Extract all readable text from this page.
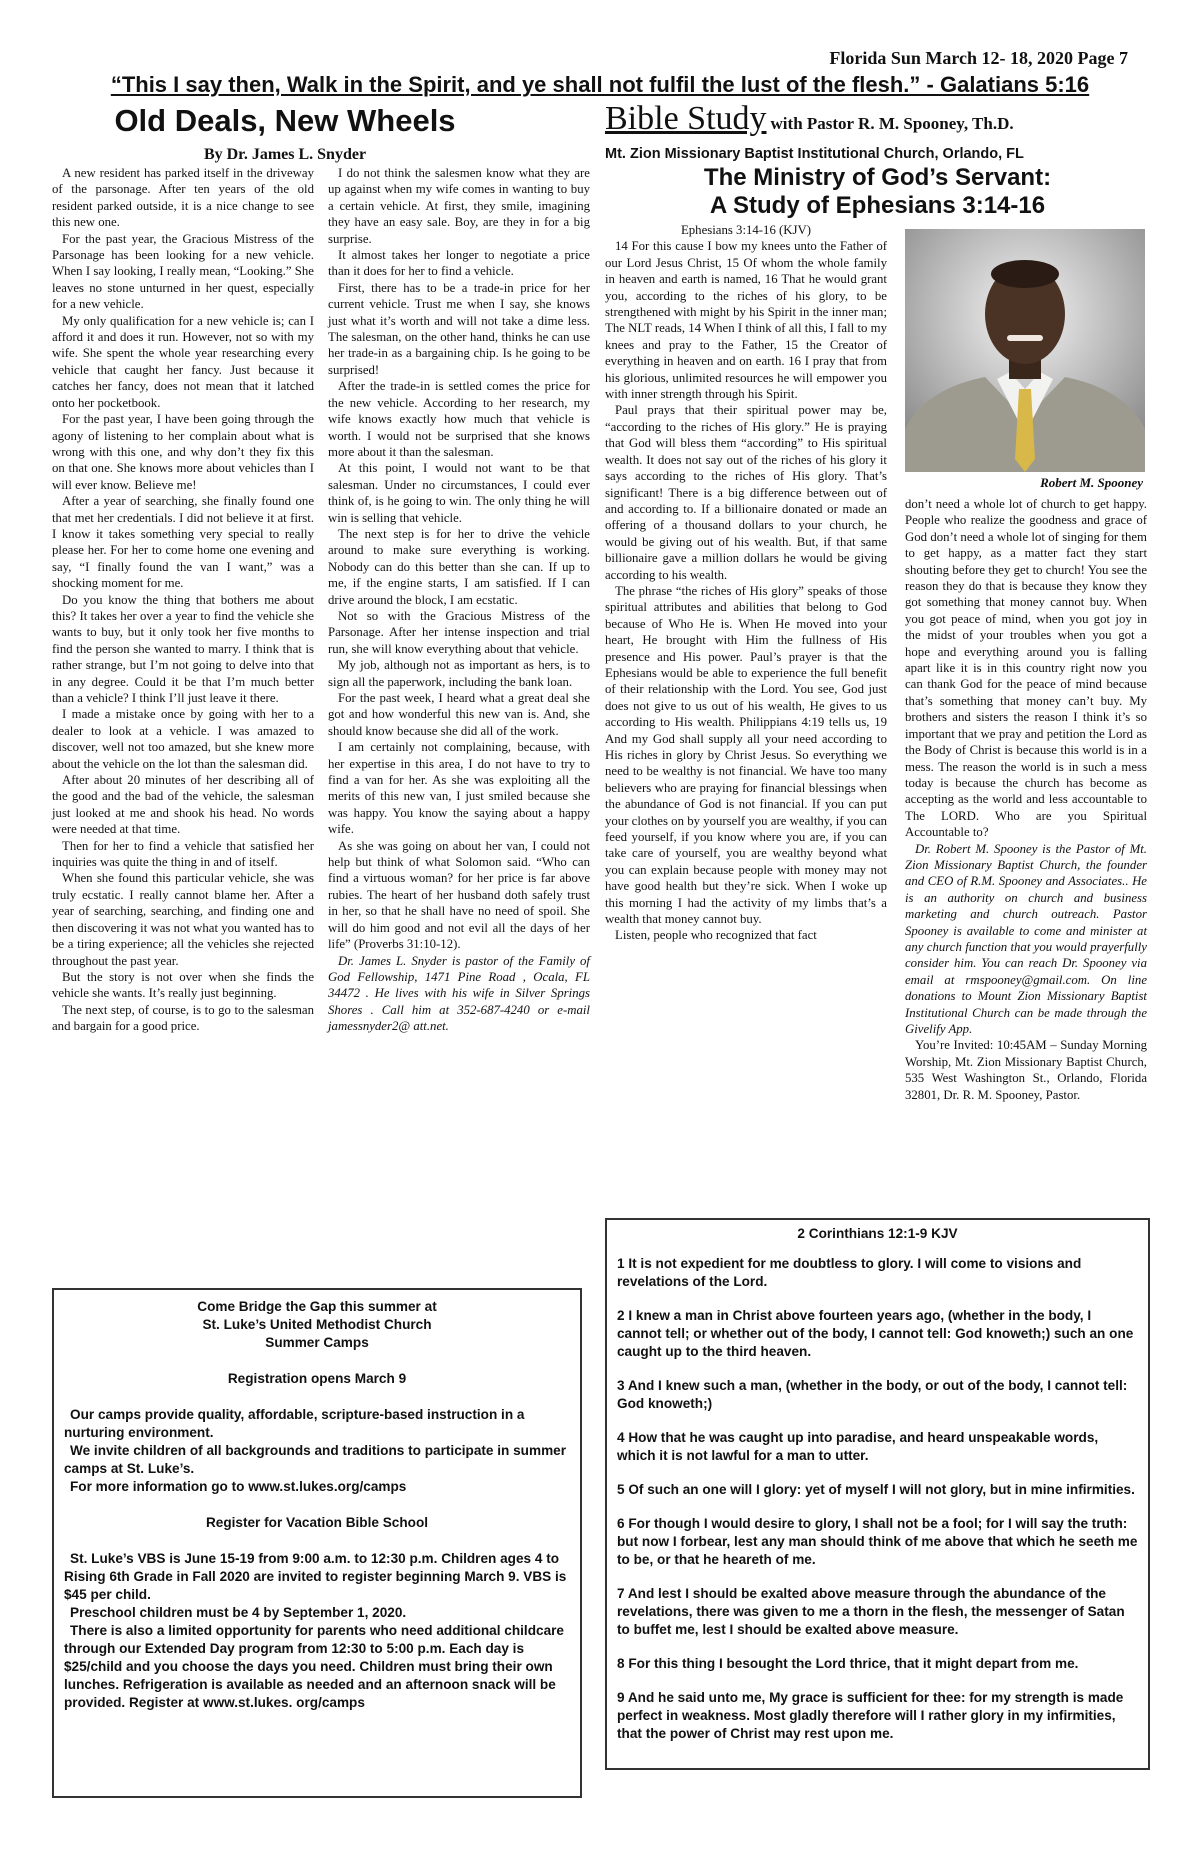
Florida Sun March 12- 18, 2020 Page 7
“This I say then, Walk in the Spirit, and ye shall not fulfil the lust of the flesh.” - Galatians 5:16
Old Deals, New Wheels
By Dr. James L. Snyder

A new resident has parked itself in the driveway of the parsonage. After ten years of the old resident parked outside, it is a nice change to see this new one.

For the past year, the Gracious Mistress of the Parsonage has been looking for a new vehicle. When I say looking, I really mean, “Looking.” She leaves no stone unturned in her quest, especially for a new vehicle.

My only qualification for a new vehicle is; can I afford it and does it run. However, not so with my wife. She spent the whole year researching every vehicle that caught her fancy. Just because it catches her fancy, does not mean that it latched onto her pocketbook.

For the past year, I have been going through the agony of listening to her complain about what is wrong with this one, and why don’t they fix this on that one. She knows more about vehicles than I will ever know. Believe me!

After a year of searching, she finally found one that met her credentials. I did not believe it at first. I know it takes something very special to really please her. For her to come home one evening and say, “I finally found the van I want,” was a shocking moment for me.

Do you know the thing that bothers me about this? It takes her over a year to find the vehicle she wants to buy, but it only took her five months to find the person she wanted to marry. I think that is rather strange, but I’m not going to delve into that in any degree. Could it be that I’m much better than a vehicle? I think I’ll just leave it there.

I made a mistake once by going with her to a dealer to look at a vehicle. I was amazed to discover, well not too amazed, but she knew more about the vehicle on the lot than the salesman did.

After about 20 minutes of her describing all of the good and the bad of the vehicle, the salesman just looked at me and shook his head. No words were needed at that time.

Then for her to find a vehicle that satisfied her inquiries was quite the thing in and of itself.

When she found this particular vehicle, she was truly ecstatic. I really cannot blame her. After a year of searching, searching, and finding one and then discovering it was not what you wanted has to be a tiring experience; all the vehicles she rejected throughout the past year.

But the story is not over when she finds the vehicle she wants. It’s really just beginning.

The next step, of course, is to go to the salesman and bargain for a good price.

I do not think the salesmen know what they are up against when my wife comes in wanting to buy a certain vehicle. At first, they smile, imagining they have an easy sale. Boy, are they in for a big surprise.

It almost takes her longer to negotiate a price than it does for her to find a vehicle.

First, there has to be a trade-in price for her current vehicle. Trust me when I say, she knows just what it’s worth and will not take a dime less. The salesman, on the other hand, thinks he can use her trade-in as a bargaining chip. Is he going to be surprised!

After the trade-in is settled comes the price for the new vehicle. According to her research, my wife knows exactly how much that vehicle is worth. I would not be surprised that she knows more about it than the salesman.

At this point, I would not want to be that salesman. Under no circumstances, I could ever think of, is he going to win. The only thing he will win is selling that vehicle.

The next step is for her to drive the vehicle around to make sure everything is working. Nobody can do this better than she can. If up to me, if the engine starts, I am satisfied. If I can drive around the block, I am ecstatic.

Not so with the Gracious Mistress of the Parsonage. After her intense inspection and trial run, she will know everything about that vehicle.

My job, although not as important as hers, is to sign all the paperwork, including the bank loan.

For the past week, I heard what a great deal she got and how wonderful this new van is. And, she should know because she did all of the work.

I am certainly not complaining, because, with her expertise in this area, I do not have to try to find a van for her. As she was exploiting all the merits of this new van, I just smiled because she was happy. You know the saying about a happy wife.

As she was going on about her van, I could not help but think of what Solomon said. “Who can find a virtuous woman? for her price is far above rubies. The heart of her husband doth safely trust in her, so that he shall have no need of spoil. She will do him good and not evil all the days of her life” (Proverbs 31:10-12).

Dr. James L. Snyder is pastor of the Family of God Fellowship, 1471 Pine Road , Ocala, FL 34472 . He lives with his wife in Silver Springs Shores . Call him at 352-687-4240 or e-mail jamessnyder2@ att.net.

Bible Study with Pastor R. M. Spooney, Th.D.
Mt. Zion Missionary Baptist Institutional Church, Orlando, FL
The Ministry of God’s Servant:
A Study of Ephesians 3:14-16

Ephesians 3:14-16 (KJV)

14 For this cause I bow my knees unto the Father of our Lord Jesus Christ, 15 Of whom the whole family in heaven and earth is named, 16 That he would grant you, according to the riches of his glory, to be strengthened with might by his Spirit in the inner man; The NLT reads, 14 When I think of all this, I fall to my knees and pray to the Father, 15 the Creator of everything in heaven and on earth. 16 I pray that from his glorious, unlimited resources he will empower you with inner strength through his Spirit.

Paul prays that their spiritual power may be, “according to the riches of His glory.” He is praying that God will bless them “according” to His spiritual wealth. It does not say out of the riches of his glory it says according to the riches of His glory. That’s significant! There is a big difference between out of and according to. If a billionaire donated or made an offering of a thousand dollars to your church, he would be giving out of his wealth. But, if that same billionaire gave a million dollars he would be giving according to his wealth.

The phrase “the riches of His glory” speaks of those spiritual attributes and abilities that belong to God because of Who He is. When He moved into your heart, He brought with Him the fullness of His presence and His power. Paul’s prayer is that the Ephesians would be able to experience the full benefit of their relationship with the Lord. You see, God just does not give to us out of his wealth, He gives to us according to His wealth. Philippians 4:19 tells us, 19 And my God shall supply all your need according to His riches in glory by Christ Jesus. So everything we need to be wealthy is not financial. We have too many believers who are praying for financial blessings when the abundance of God is not financial. If you can put your clothes on by yourself you are wealthy, if you can feed yourself, if you know where you are, if you can take care of yourself, you are wealthy beyond what you can explain because people with money may not have good health but they’re sick. When I woke up this morning I had the activity of my limbs that’s a wealth that money cannot buy.

Listen, people who recognized that fact

Robert M. Spooney

don’t need a whole lot of church to get happy. People who realize the goodness and grace of God don’t need a whole lot of singing for them to get happy, as a matter fact they start shouting before they get to church! You see the reason they do that is because they know they got something that money cannot buy. When you got peace of mind, when you got joy in the midst of your troubles when you got a hope and everything around you is falling apart like it is in this country right now you can thank God for the peace of mind because that’s something that money can’t buy. My brothers and sisters the reason I think it’s so important that we pray and petition the Lord as the Body of Christ is because this world is in a mess. The reason the world is in such a mess today is because the church has become as accepting as the world and less accountable to The LORD. Who are you Spiritual Accountable to?

Dr. Robert M. Spooney is the Pastor of Mt. Zion Missionary Baptist Church, the founder and CEO of R.M. Spooney and Associates.. He is an authority on church and business marketing and church outreach. Pastor Spooney is available to come and minister at any church function that you would prayerfully consider him. You can reach Dr. Spooney via email at rmspooney@gmail.com. On line donations to Mount Zion Missionary Baptist Institutional Church can be made through the Givelify App.

You’re Invited: 10:45AM – Sunday Morning Worship, Mt. Zion Missionary Baptist Church, 535 West Washington St., Orlando, Florida 32801, Dr. R. M. Spooney, Pastor.

Come Bridge the Gap this summer at

St. Luke’s United Methodist Church

Summer Camps

Registration opens March 9

Our camps provide quality, affordable, scripture-based instruction in a nurturing environment.

We invite children of all backgrounds and traditions to participate in summer camps at St. Luke’s.

For more information go to www.st.lukes.org/camps

Register for Vacation Bible School

St. Luke’s VBS is June 15-19 from 9:00 a.m. to 12:30 p.m. Children ages 4 to Rising 6th Grade in Fall 2020 are invited to register beginning March 9. VBS is $45 per child.

Preschool children must be 4 by September 1, 2020.

There is also a limited opportunity for parents who need additional childcare through our Extended Day program from 12:30 to 5:00 p.m. Each day is $25/child and you choose the days you need. Children must bring their own lunches. Refrigeration is available as needed and an afternoon snack will be provided. Register at www.st.lukes. org/camps

2 Corinthians 12:1-9 KJV

1 It is not expedient for me doubtless to glory. I will come to visions and revelations of the Lord.

2 I knew a man in Christ above fourteen years ago, (whether in the body, I cannot tell; or whether out of the body, I cannot tell: God knoweth;) such an one caught up to the third heaven.

3 And I knew such a man, (whether in the body, or out of the body, I cannot tell: God knoweth;)

4 How that he was caught up into paradise, and heard unspeakable words, which it is not lawful for a man to utter.

5 Of such an one will I glory: yet of myself I will not glory, but in mine infirmities.

6 For though I would desire to glory, I shall not be a fool; for I will say the truth: but now I forbear, lest any man should think of me above that which he seeth me to be, or that he heareth of me.

7 And lest I should be exalted above measure through the abundance of the revelations, there was given to me a thorn in the flesh, the messenger of Satan to buffet me, lest I should be exalted above measure.

8 For this thing I besought the Lord thrice, that it might depart from me.

9 And he said unto me, My grace is sufficient for thee: for my strength is made perfect in weakness. Most gladly therefore will I rather glory in my infirmities, that the power of Christ may rest upon me.
